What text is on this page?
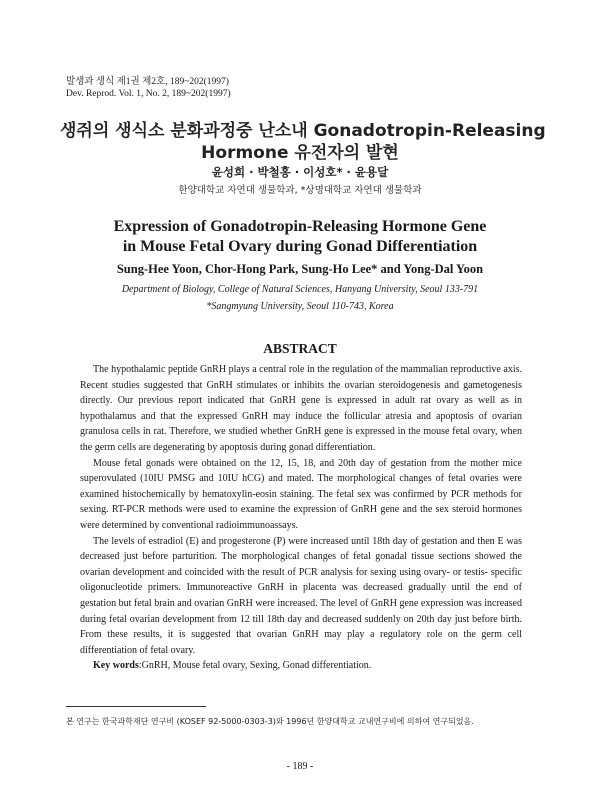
발생과 생식 제1권 제2호, 189~202(1997)
Dev. Reprod. Vol. 1, No. 2, 189~202(1997)
생쥐의 생식소 분화과정중 난소내 Gonadotropin-Releasing
Hormone 유전자의 발현
윤성희 · 박철홍 · 이성호* · 윤용달
한양대학교 자연대 생물학과, *상명대학교 자연대 생물학과
Expression of Gonadotropin-Releasing Hormone Gene
in Mouse Fetal Ovary during Gonad Differentiation
Sung-Hee Yoon, Chor-Hong Park, Sung-Ho Lee* and Yong-Dal Yoon
Department of Biology, College of Natural Sciences, Hanyang University, Seoul 133-791
*Sangmyung University, Seoul 110-743, Korea
ABSTRACT

The hypothalamic peptide GnRH plays a central role in the regulation of the mammalian reproductive axis. Recent studies suggested that GnRH stimulates or inhibits the ovarian steroidogenesis and gametogenesis directly. Our previous report indicated that GnRH gene is expressed in adult rat ovary as well as in hypothalamus and that the expressed GnRH may induce the follicular atresia and apoptosis of ovarian granulosa cells in rat. Therefore, we studied whether GnRH gene is expressed in the mouse fetal ovary, when the germ cells are degenerating by apoptosis during gonad differentiation.

Mouse fetal gonads were obtained on the 12, 15, 18, and 20th day of gestation from the mother mice superovulated (10IU PMSG and 10IU hCG) and mated. The morphological changes of fetal ovaries were examined histochemically by hematoxylin-eosin staining. The fetal sex was confirmed by PCR methods for sexing. RT-PCR methods were used to examine the expression of GnRH gene and the sex steroid hormones were determined by conventional radioimmunoassays.

The levels of estradiol (E) and progesterone (P) were increased until 18th day of gestation and then E was decreased just before parturition. The morphological changes of fetal gonadal tissue sections showed the ovarian development and coincided with the result of PCR analysis for sexing using ovary- or testis- specific oligonucleotide primers. Immunoreactive GnRH in placenta was decreased gradually until the end of gestation but fetal brain and ovarian GnRH were increased. The level of GnRH gene expression was increased during fetal ovarian development from 12 till 18th day and decreased suddenly on 20th day just before birth. From these results, it is suggested that ovarian GnRH may play a regulatory role on the germ cell differentiation of fetal ovary.

Key words:GnRH, Mouse fetal ovary, Sexing, Gonad differentiation.

본 연구는 한국과학재단 연구비 (KOSEF 92-5000-0303-3)와 1996년 한양대학교 교내연구비에 의하여 연구되었음.
- 189 -
